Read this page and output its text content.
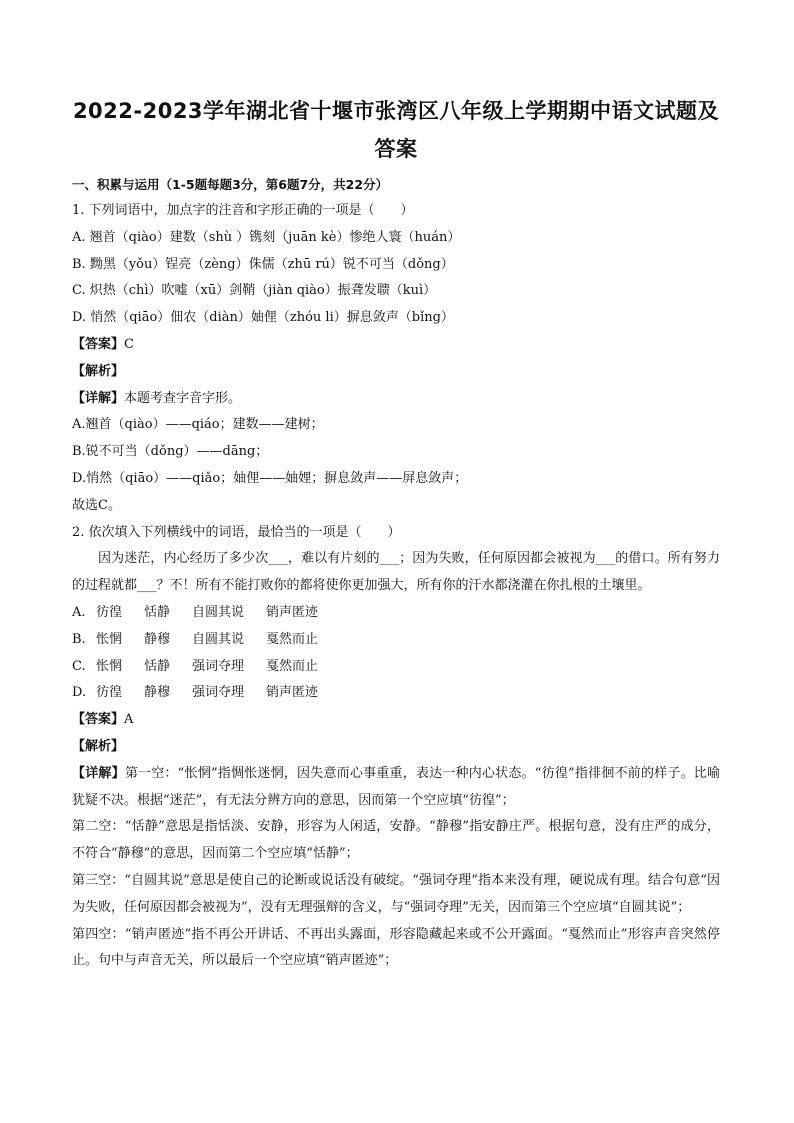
2022-2023学年湖北省十堰市张湾区八年级上学期期中语文试题及答案

一、积累与运用（1-5题每题3分，第6题7分，共22分）

1. 下列词语中，加点字的注音和字形正确的一项是（　　）

A. 翘首（qiào）建数（shù ）镌刻（juān kè）惨绝人寰（huán）

B. 黝黑（yǒu）锃亮（zèng）侏儒（zhū rú）锐不可当（dǒng）

C. 炽热（chì）吹嘘（xū）剑鞘（jiàn qiào）振聋发聩（kuì）

D. 悄然（qiāo）佃农（diàn）妯俚（zhóu li）摒息敛声（bǐng）

【答案】C

【解析】

【详解】本题考查字音字形。

A.翘首（qiào）——qiáo；建数——建树；

B.锐不可当（dǒng）——dāng；

D.悄然（qiāo）——qiǎo；妯俚——妯娌；摒息敛声——屏息敛声；

故选C。

2. 依次填入下列横线中的词语，最恰当的一项是（　　）

因为迷茫，内心经历了多少次___，难以有片刻的___；因为失败，任何原因都会被视为___的借口。所有努力的过程就都___？不！所有不能打败你的都将使你更加强大，所有你的汗水都浇灌在你扎根的土壤里。

A. 彷徨 恬静 自圆其说 销声匿迹

B. 怅惘 静穆 自圆其说 戛然而止

C. 怅惘 恬静 强词夺理 戛然而止

D. 彷徨 静穆 强词夺理 销声匿迹

【答案】A

【解析】

【详解】第一空：“怅惘”指惆怅迷惘，因失意而心事重重，表达一种内心状态。“彷徨”指徘徊不前的样子。比喻犹疑不决。根据“迷茫”，有无法分辨方向的意思，因而第一个空应填“彷徨”；

第二空：“恬静”意思是指恬淡、安静，形容为人闲适，安静。“静穆”指安静庄严。根据句意，没有庄严的成分，不符合“静穆”的意思，因而第二个空应填“恬静”；

第三空：“自圆其说”意思是使自己的论断或说话没有破绽。“强词夺理”指本来没有理，硬说成有理。结合句意“因为失败，任何原因都会被视为”，没有无理强辩的含义，与“强词夺理”无关，因而第三个空应填“自圆其说”；

第四空：“销声匿迹”指不再公开讲话、不再出头露面，形容隐藏起来或不公开露面。“戛然而止”形容声音突然停止。句中与声音无关，所以最后一个空应填“销声匿迹”；
